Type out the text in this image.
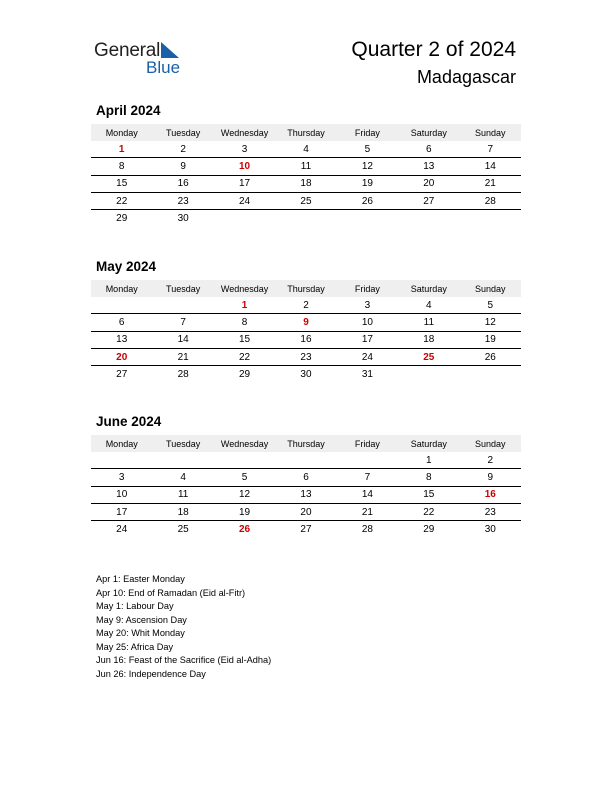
General
Blue
Quarter 2 of 2024
Madagascar
April 2024
Monday	Tuesday	Wednesday	Thursday	Friday	Saturday	Sunday
1	2	3	4	5	6	7
8	9	10	11	12	13	14
15	16	17	18	19	20	21
22	23	24	25	26	27	28
29	30					
May 2024
Monday	Tuesday	Wednesday	Thursday	Friday	Saturday	Sunday
		1	2	3	4	5
6	7	8	9	10	11	12
13	14	15	16	17	18	19
20	21	22	23	24	25	26
27	28	29	30	31		
June 2024
Monday	Tuesday	Wednesday	Thursday	Friday	Saturday	Sunday
					1	2
3	4	5	6	7	8	9
10	11	12	13	14	15	16
17	18	19	20	21	22	23
24	25	26	27	28	29	30
Apr 1: Easter Monday
Apr 10: End of Ramadan (Eid al-Fitr)
May 1: Labour Day
May 9: Ascension Day
May 20: Whit Monday
May 25: Africa Day
Jun 16: Feast of the Sacrifice (Eid al-Adha)
Jun 26: Independence Day
